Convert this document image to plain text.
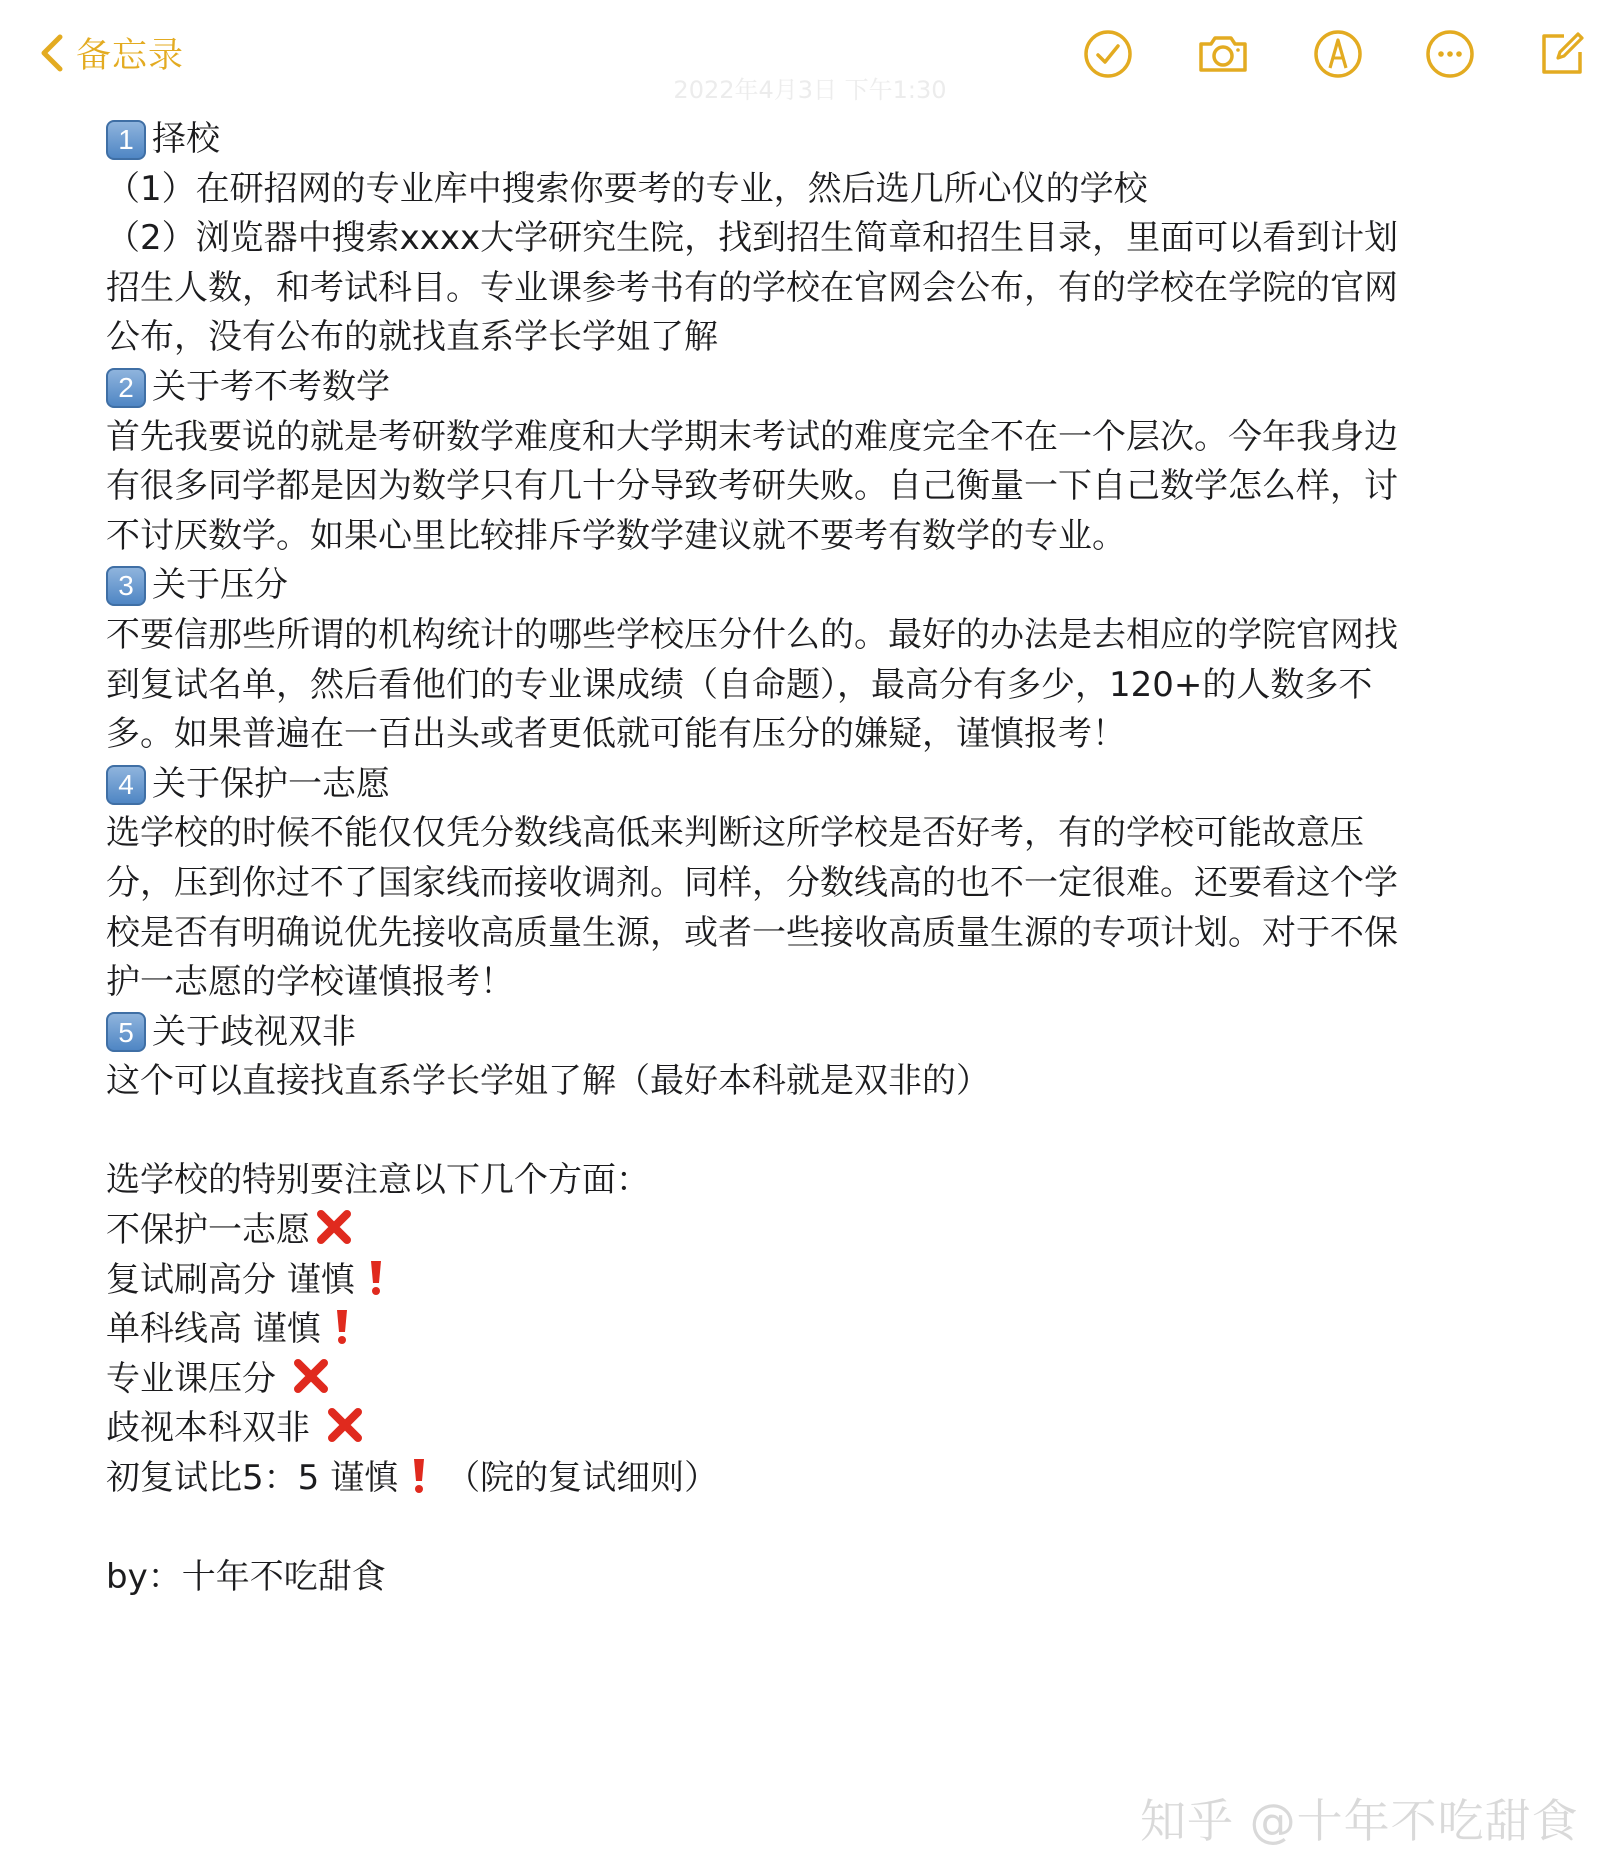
备忘录
2022年4月3日 下午1:30
1 择校
（1）在研招网的专业库中搜索你要考的专业，然后选几所心仪的学校
（2）浏览器中搜索xxxx大学研究生院，找到招生简章和招生目录，里面可以看到计划
招生人数，和考试科目。专业课参考书有的学校在官网会公布，有的学校在学院的官网
公布，没有公布的就找直系学长学姐了解
2 关于考不考数学
首先我要说的就是考研数学难度和大学期末考试的难度完全不在一个层次。今年我身边
有很多同学都是因为数学只有几十分导致考研失败。自己衡量一下自己数学怎么样，讨
不讨厌数学。如果心里比较排斥学数学建议就不要考有数学的专业。
3 关于压分
不要信那些所谓的机构统计的哪些学校压分什么的。最好的办法是去相应的学院官网找
到复试名单，然后看他们的专业课成绩（自命题），最高分有多少，120+的人数多不
多。如果普遍在一百出头或者更低就可能有压分的嫌疑，谨慎报考！
4 关于保护一志愿
选学校的时候不能仅仅凭分数线高低来判断这所学校是否好考，有的学校可能故意压
分，压到你过不了国家线而接收调剂。同样，分数线高的也不一定很难。还要看这个学
校是否有明确说优先接收高质量生源，或者一些接收高质量生源的专项计划。对于不保
护一志愿的学校谨慎报考！
5 关于歧视双非
这个可以直接找直系学长学姐了解（最好本科就是双非的）
选学校的特别要注意以下几个方面：
不保护一志愿
复试刷高分 谨慎
单科线高 谨慎
专业课压分
歧视本科双非
初复试比5：5 谨慎 （院的复试细则）
by：十年不吃甜食
知乎 @十年不吃甜食
